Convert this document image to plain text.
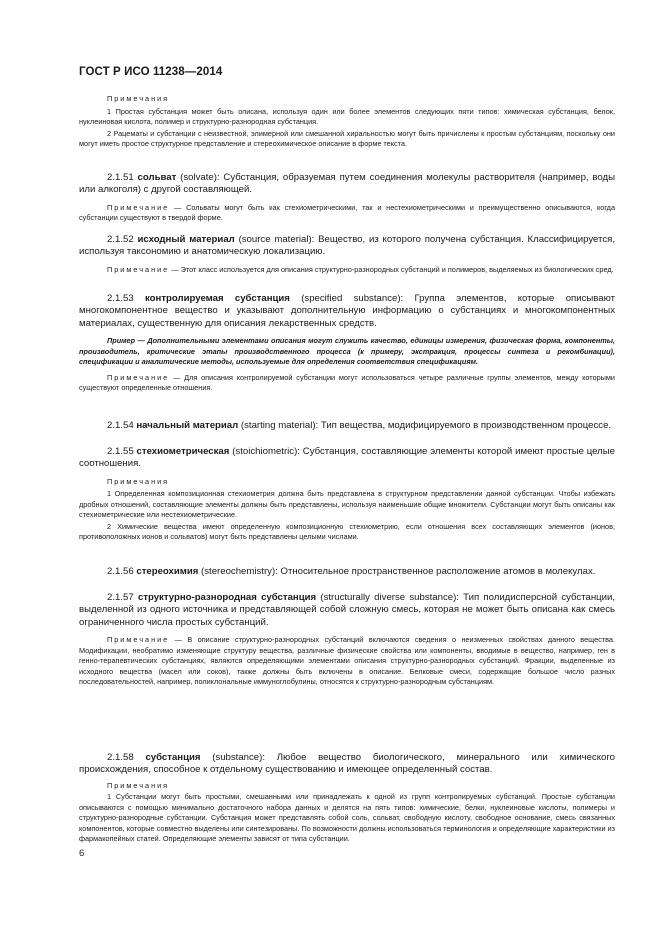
ГОСТ Р ИСО 11238—2014

Примечания

1 Простая субстанция может быть описана, используя один или более элементов следующих пяти типов: химическая субстанция, белок, нуклеиновая кислота, полимер и структурно-разнородная субстанция.

2 Рацематы и субстанции с неизвестной, элимерной или смешанной хиральностью могут быть причислены к простым субстанциям, поскольку они могут иметь простое структурное представление и стереохимическое описание в форме текста.

2.1.51 сольват (solvate): Субстанция, образуемая путем соединения молекулы растворителя (например, воды или алкоголя) с другой составляющей.

Примечание — Сольваты могут быть как стехиометрическими, так и нестехиометрическими и преимущественно описываются, когда субстанции существуют в твердой форме.

2.1.52 исходный материал (source material): Вещество, из которого получена субстанция. Классифицируется, используя таксономию и анатомическую локализацию.

Примечание — Этот класс используется для описания структурно-разнородных субстанций и полимеров, выделяемых из биологических сред.

2.1.53 контролируемая субстанция (specified substance): Группа элементов, которые описывают многокомпонентное вещество и указывают дополнительную информацию о субстанциях и многокомпонентных материалах, существенную для описания лекарственных средств.

Пример — Дополнительными элементами описания могут служить качество, единицы измерения, физическая форма, компоненты, производитель, критические этапы производственного процесса (к примеру, экстракция, процессы синтеза и рекомбинации), спецификации и аналитические методы, используемые для определения соответствия спецификациям.

Примечание — Для описания контролируемой субстанции могут использоваться четыре различные группы элементов, между которыми существуют определенные отношения.

2.1.54 начальный материал (starting material): Тип вещества, модифицируемого в производственном процессе.

2.1.55 стехиометрическая (stoichiometric): Субстанция, составляющие элементы которой имеют простые целые соотношения.

Примечания

1 Определенная композиционная стехиометрия должна быть представлена в структурном представлении данной субстанции. Чтобы избежать дробных отношений, составляющие элементы должны быть представлены, используя наименьшие общие множители. Субстанции могут быть описаны как стехиометрические или нестехиометрические.

2 Химические вещества имеют определенную композиционную стехиометрию, если отношения всех составляющих элементов (ионов, противоположных ионов и сольватов) могут быть представлены целыми числами.

2.1.56 стереохимия (stereochemistry): Относительное пространственное расположение атомов в молекулах.

2.1.57 структурно-разнородная субстанция (structurally diverse substance): Тип полидисперсной субстанции, выделенной из одного источника и представляющей собой сложную смесь, которая не может быть описана как смесь ограниченного числа простых субстанций.

Примечание — В описание структурно-разнородных субстанций включаются сведения о неизменных свойствах данного вещества. Модификации, необратимо изменяющие структуру вещества, различные физические свойства или компоненты, вводимые в вещество, например, ген в генно-терапевтических субстанциях, являются определяющими элементами описания структурно-разнородных субстанций. Фракции, выделенные из исходного вещества (масел или соков), также должны быть включены в описание. Белковые смеси, содержащие большое число разных последовательностей, например, поликлональные иммуноглобулины, относятся к структурно-разнородным субстанциям.

2.1.58 субстанция (substance): Любое вещество биологического, минерального или химического происхождения, способное к отдельному существованию и имеющее определенный состав.

Примечания

1 Субстанции могут быть простыми, смешанными или принадлежать к одной из групп контролируемых субстанций. Простые субстанции описываются с помощью минимально достаточного набора данных и делятся на пять типов: химические, белки, нуклеиновые кислоты, полимеры и структурно-разнородные субстанции. Субстанция может представлять собой соль, сольват, свободную кислоту, свободное основание, смесь связанных компонентов, которые совместно выделены или синтезированы. По возможности должны использоваться терминология и определяющие характеристики из фармакопейных статей. Определяющие элементы зависят от типа субстанции.

6
